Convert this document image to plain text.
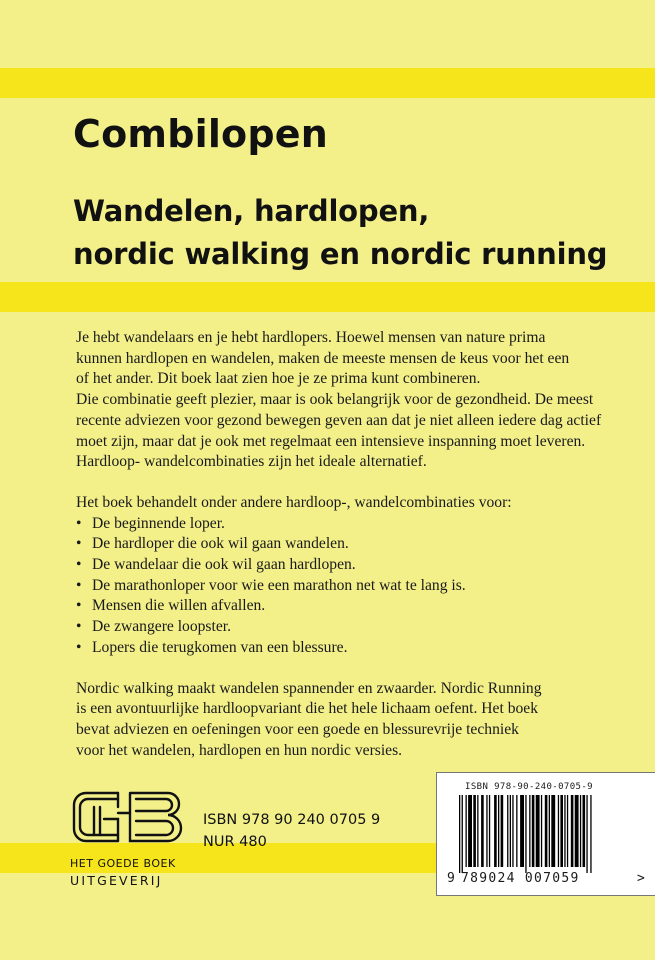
Combilopen
Wandelen, hardlopen,
nordic walking en nordic running

Je hebt wandelaars en je hebt hardlopers. Hoewel mensen van nature prima

kunnen hardlopen en wandelen, maken de meeste mensen de keus voor het een

of het ander. Dit boek laat zien hoe je ze prima kunt combineren.

Die combinatie geeft plezier, maar is ook belangrijk voor de gezondheid. De meest

recente adviezen voor gezond bewegen geven aan dat je niet alleen iedere dag actief

moet zijn, maar dat je ook met regelmaat een intensieve inspanning moet leveren.

Hardloop- wandelcombinaties zijn het ideale alternatief.

Het boek behandelt onder andere hardloop-, wandelcombinaties voor:

• De beginnende loper.
• De hardloper die ook wil gaan wandelen.
• De wandelaar die ook wil gaan hardlopen.
• De marathonloper voor wie een marathon net wat te lang is.
• Mensen die willen afvallen.
• De zwangere loopster.
• Lopers die terugkomen van een blessure.

Nordic walking maakt wandelen spannender en zwaarder. Nordic Running

is een avontuurlijke hardloopvariant die het hele lichaam oefent. Het boek

bevat adviezen en oefeningen voor een goede en blessurevrije techniek

voor het wandelen, hardlopen en hun nordic versies.

HET GOEDE BOEK
UITGEVERIJ
ISBN 978 90 240 0705 9
NUR 480
ISBN 978-90-240-0705-9
9 789024 007059	>
